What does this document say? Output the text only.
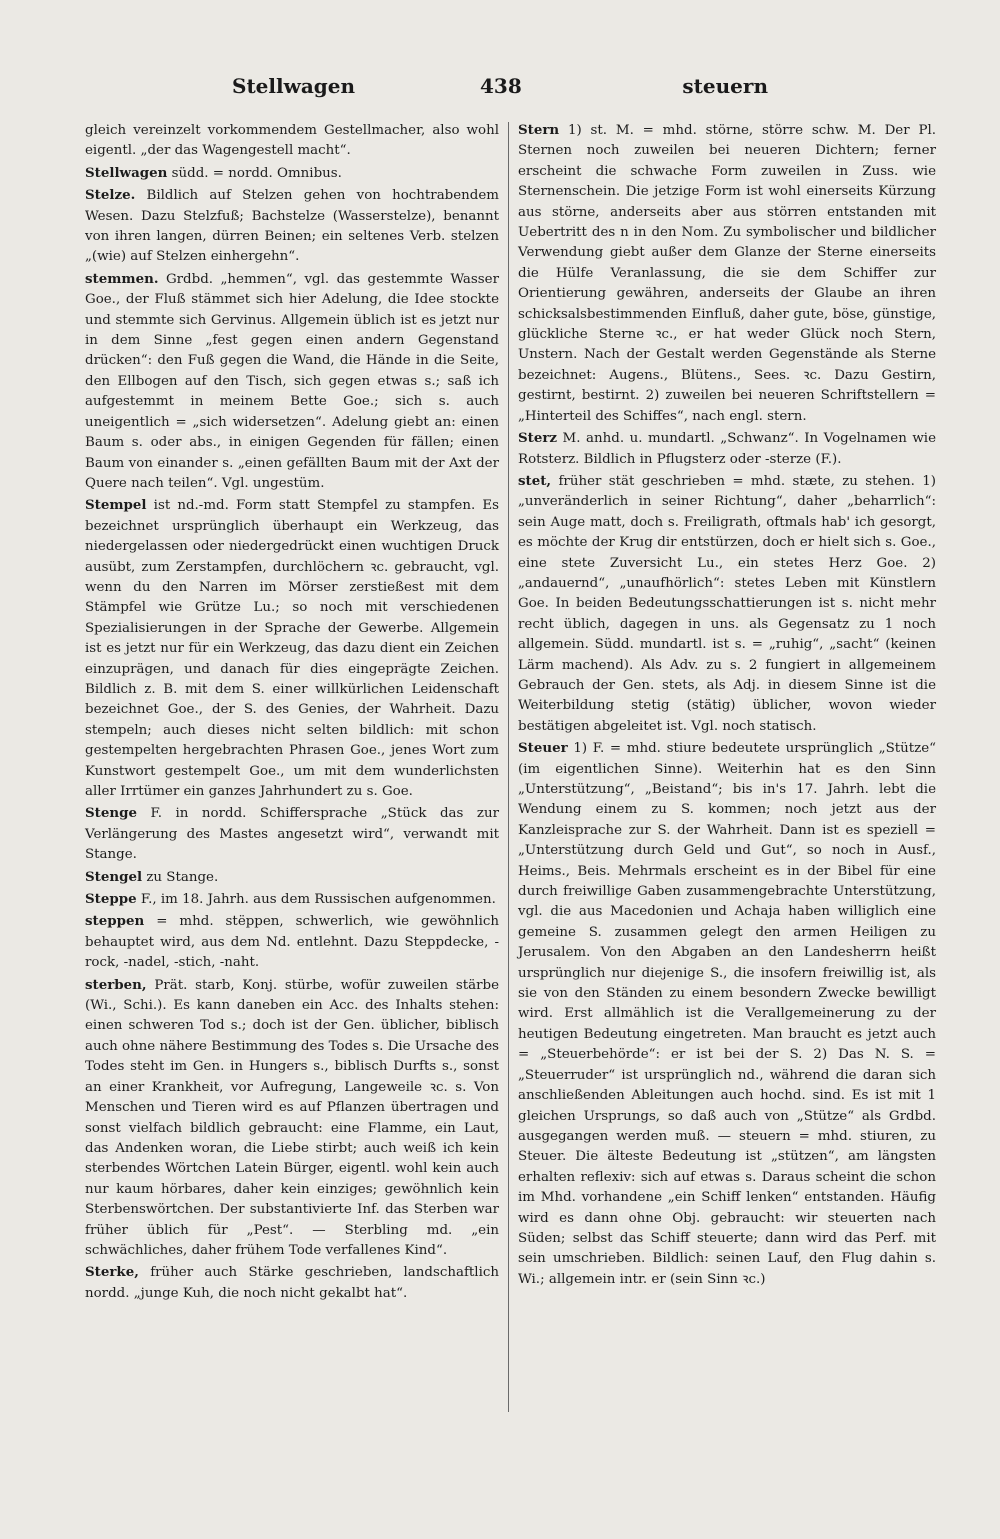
Stellwagen	438	steuern

gleich vereinzelt vorkommendem Gestellmacher, also wohl eigentl. „der das Wagengestell macht“.

Stellwagen südd. = nordd. Omnibus.

Stelze. Bildlich auf Stelzen gehen von hochtrabendem Wesen. Dazu Stelzfuß; Bachstelze (Wasserstelze), benannt von ihren langen, dürren Beinen; ein seltenes Verb. stelzen „(wie) auf Stelzen einhergehn“.

stemmen. Grdbd. „hemmen“, vgl. das gestemmte Wasser Goe., der Fluß stämmet sich hier Adelung, die Idee stockte und stemmte sich Gervinus. Allgemein üblich ist es jetzt nur in dem Sinne „fest gegen einen andern Gegenstand drücken“: den Fuß gegen die Wand, die Hände in die Seite, den Ellbogen auf den Tisch, sich gegen etwas s.; saß ich aufgestemmt in meinem Bette Goe.; sich s. auch uneigentlich = „sich widersetzen“. Adelung giebt an: einen Baum s. oder abs., in einigen Gegenden für fällen; einen Baum von einander s. „einen gefällten Baum mit der Axt der Quere nach teilen“. Vgl. ungestüm.

Stempel ist nd.-md. Form statt Stempfel zu stampfen. Es bezeichnet ursprünglich überhaupt ein Werkzeug, das niedergelassen oder niedergedrückt einen wuchtigen Druck ausübt, zum Zerstampfen, durchlöchern ꝛc. gebraucht, vgl. wenn du den Narren im Mörser zerstießest mit dem Stämpfel wie Grütze Lu.; so noch mit verschiedenen Spezialisierungen in der Sprache der Gewerbe. Allgemein ist es jetzt nur für ein Werkzeug, das dazu dient ein Zeichen einzuprägen, und danach für dies eingeprägte Zeichen. Bildlich z. B. mit dem S. einer willkürlichen Leidenschaft bezeichnet Goe., der S. des Genies, der Wahrheit. Dazu stempeln; auch dieses nicht selten bildlich: mit schon gestempelten hergebrachten Phrasen Goe., jenes Wort zum Kunstwort gestempelt Goe., um mit dem wunderlichsten aller Irrtümer ein ganzes Jahrhundert zu s. Goe.

Stenge F. in nordd. Schiffersprache „Stück das zur Verlängerung des Mastes angesetzt wird“, verwandt mit Stange.

Stengel zu Stange.

Steppe F., im 18. Jahrh. aus dem Russischen aufgenommen.

steppen = mhd. stëppen, schwerlich, wie gewöhnlich behauptet wird, aus dem Nd. entlehnt. Dazu Steppdecke, -rock, -nadel, -stich, -naht.

sterben, Prät. starb, Konj. stürbe, wofür zuweilen stärbe (Wi., Schi.). Es kann daneben ein Acc. des Inhalts stehen: einen schweren Tod s.; doch ist der Gen. üblicher, biblisch auch ohne nähere Bestimmung des Todes s. Die Ursache des Todes steht im Gen. in Hungers s., biblisch Durfts s., sonst an einer Krankheit, vor Aufregung, Langeweile ꝛc. s. Von Menschen und Tieren wird es auf Pflanzen übertragen und sonst vielfach bildlich gebraucht: eine Flamme, ein Laut, das Andenken woran, die Liebe stirbt; auch weiß ich kein sterbendes Wörtchen Latein Bürger, eigentl. wohl kein auch nur kaum hörbares, daher kein einziges; gewöhnlich kein Sterbenswörtchen. Der substantivierte Inf. das Sterben war früher üblich für „Pest“. — Sterbling md. „ein schwächliches, daher frühem Tode verfallenes Kind“.

Sterke, früher auch Stärke geschrieben, landschaftlich nordd. „junge Kuh, die noch nicht gekalbt hat“.

Stern 1) st. M. = mhd. störne, större schw. M. Der Pl. Sternen noch zuweilen bei neueren Dichtern; ferner erscheint die schwache Form zuweilen in Zuss. wie Sternenschein. Die jetzige Form ist wohl einerseits Kürzung aus störne, anderseits aber aus störren entstanden mit Uebertritt des n in den Nom. Zu symbolischer und bildlicher Verwendung giebt außer dem Glanze der Sterne einerseits die Hülfe Veranlassung, die sie dem Schiffer zur Orientierung gewähren, anderseits der Glaube an ihren schicksalsbestimmenden Einfluß, daher gute, böse, günstige, glückliche Sterne ꝛc., er hat weder Glück noch Stern, Unstern. Nach der Gestalt werden Gegenstände als Sterne bezeichnet: Augens., Blütens., Sees. ꝛc. Dazu Gestirn, gestirnt, bestirnt. 2) zuweilen bei neueren Schriftstellern = „Hinterteil des Schiffes“, nach engl. stern.

Sterz M. anhd. u. mundartl. „Schwanz“. In Vogelnamen wie Rotsterz. Bildlich in Pflugsterz oder -sterze (F.).

stet, früher stät geschrieben = mhd. stæte, zu stehen. 1) „unveränderlich in seiner Richtung“, daher „beharrlich“: sein Auge matt, doch s. Freiligrath, oftmals hab' ich gesorgt, es möchte der Krug dir entstürzen, doch er hielt sich s. Goe., eine stete Zuversicht Lu., ein stetes Herz Goe. 2) „andauernd“, „unaufhörlich“: stetes Leben mit Künstlern Goe. In beiden Bedeutungsschattierungen ist s. nicht mehr recht üblich, dagegen in uns. als Gegensatz zu 1 noch allgemein. Südd. mundartl. ist s. = „ruhig“, „sacht“ (keinen Lärm machend). Als Adv. zu s. 2 fungiert in allgemeinem Gebrauch der Gen. stets, als Adj. in diesem Sinne ist die Weiterbildung stetig (stätig) üblicher, wovon wieder bestätigen abgeleitet ist. Vgl. noch statisch.

Steuer 1) F. = mhd. stiure bedeutete ursprünglich „Stütze“ (im eigentlichen Sinne). Weiterhin hat es den Sinn „Unterstützung“, „Beistand“; bis in's 17. Jahrh. lebt die Wendung einem zu S. kommen; noch jetzt aus der Kanzleisprache zur S. der Wahrheit. Dann ist es speziell = „Unterstützung durch Geld und Gut“, so noch in Ausf., Heims., Beis. Mehrmals erscheint es in der Bibel für eine durch freiwillige Gaben zusammengebrachte Unterstützung, vgl. die aus Macedonien und Achaja haben williglich eine gemeine S. zusammen gelegt den armen Heiligen zu Jerusalem. Von den Abgaben an den Landesherrn heißt ursprünglich nur diejenige S., die insofern freiwillig ist, als sie von den Ständen zu einem besondern Zwecke bewilligt wird. Erst allmählich ist die Verallgemeinerung zu der heutigen Bedeutung eingetreten. Man braucht es jetzt auch = „Steuerbehörde“: er ist bei der S. 2) Das N. S. = „Steuerruder“ ist ursprünglich nd., während die daran sich anschließenden Ableitungen auch hochd. sind. Es ist mit 1 gleichen Ursprungs, so daß auch von „Stütze“ als Grdbd. ausgegangen werden muß. — steuern = mhd. stiuren, zu Steuer. Die älteste Bedeutung ist „stützen“, am längsten erhalten reflexiv: sich auf etwas s. Daraus scheint die schon im Mhd. vorhandene „ein Schiff lenken“ entstanden. Häufig wird es dann ohne Obj. gebraucht: wir steuerten nach Süden; selbst das Schiff steuerte; dann wird das Perf. mit sein umschrieben. Bildlich: seinen Lauf, den Flug dahin s. Wi.; allgemein intr. er (sein Sinn ꝛc.)
